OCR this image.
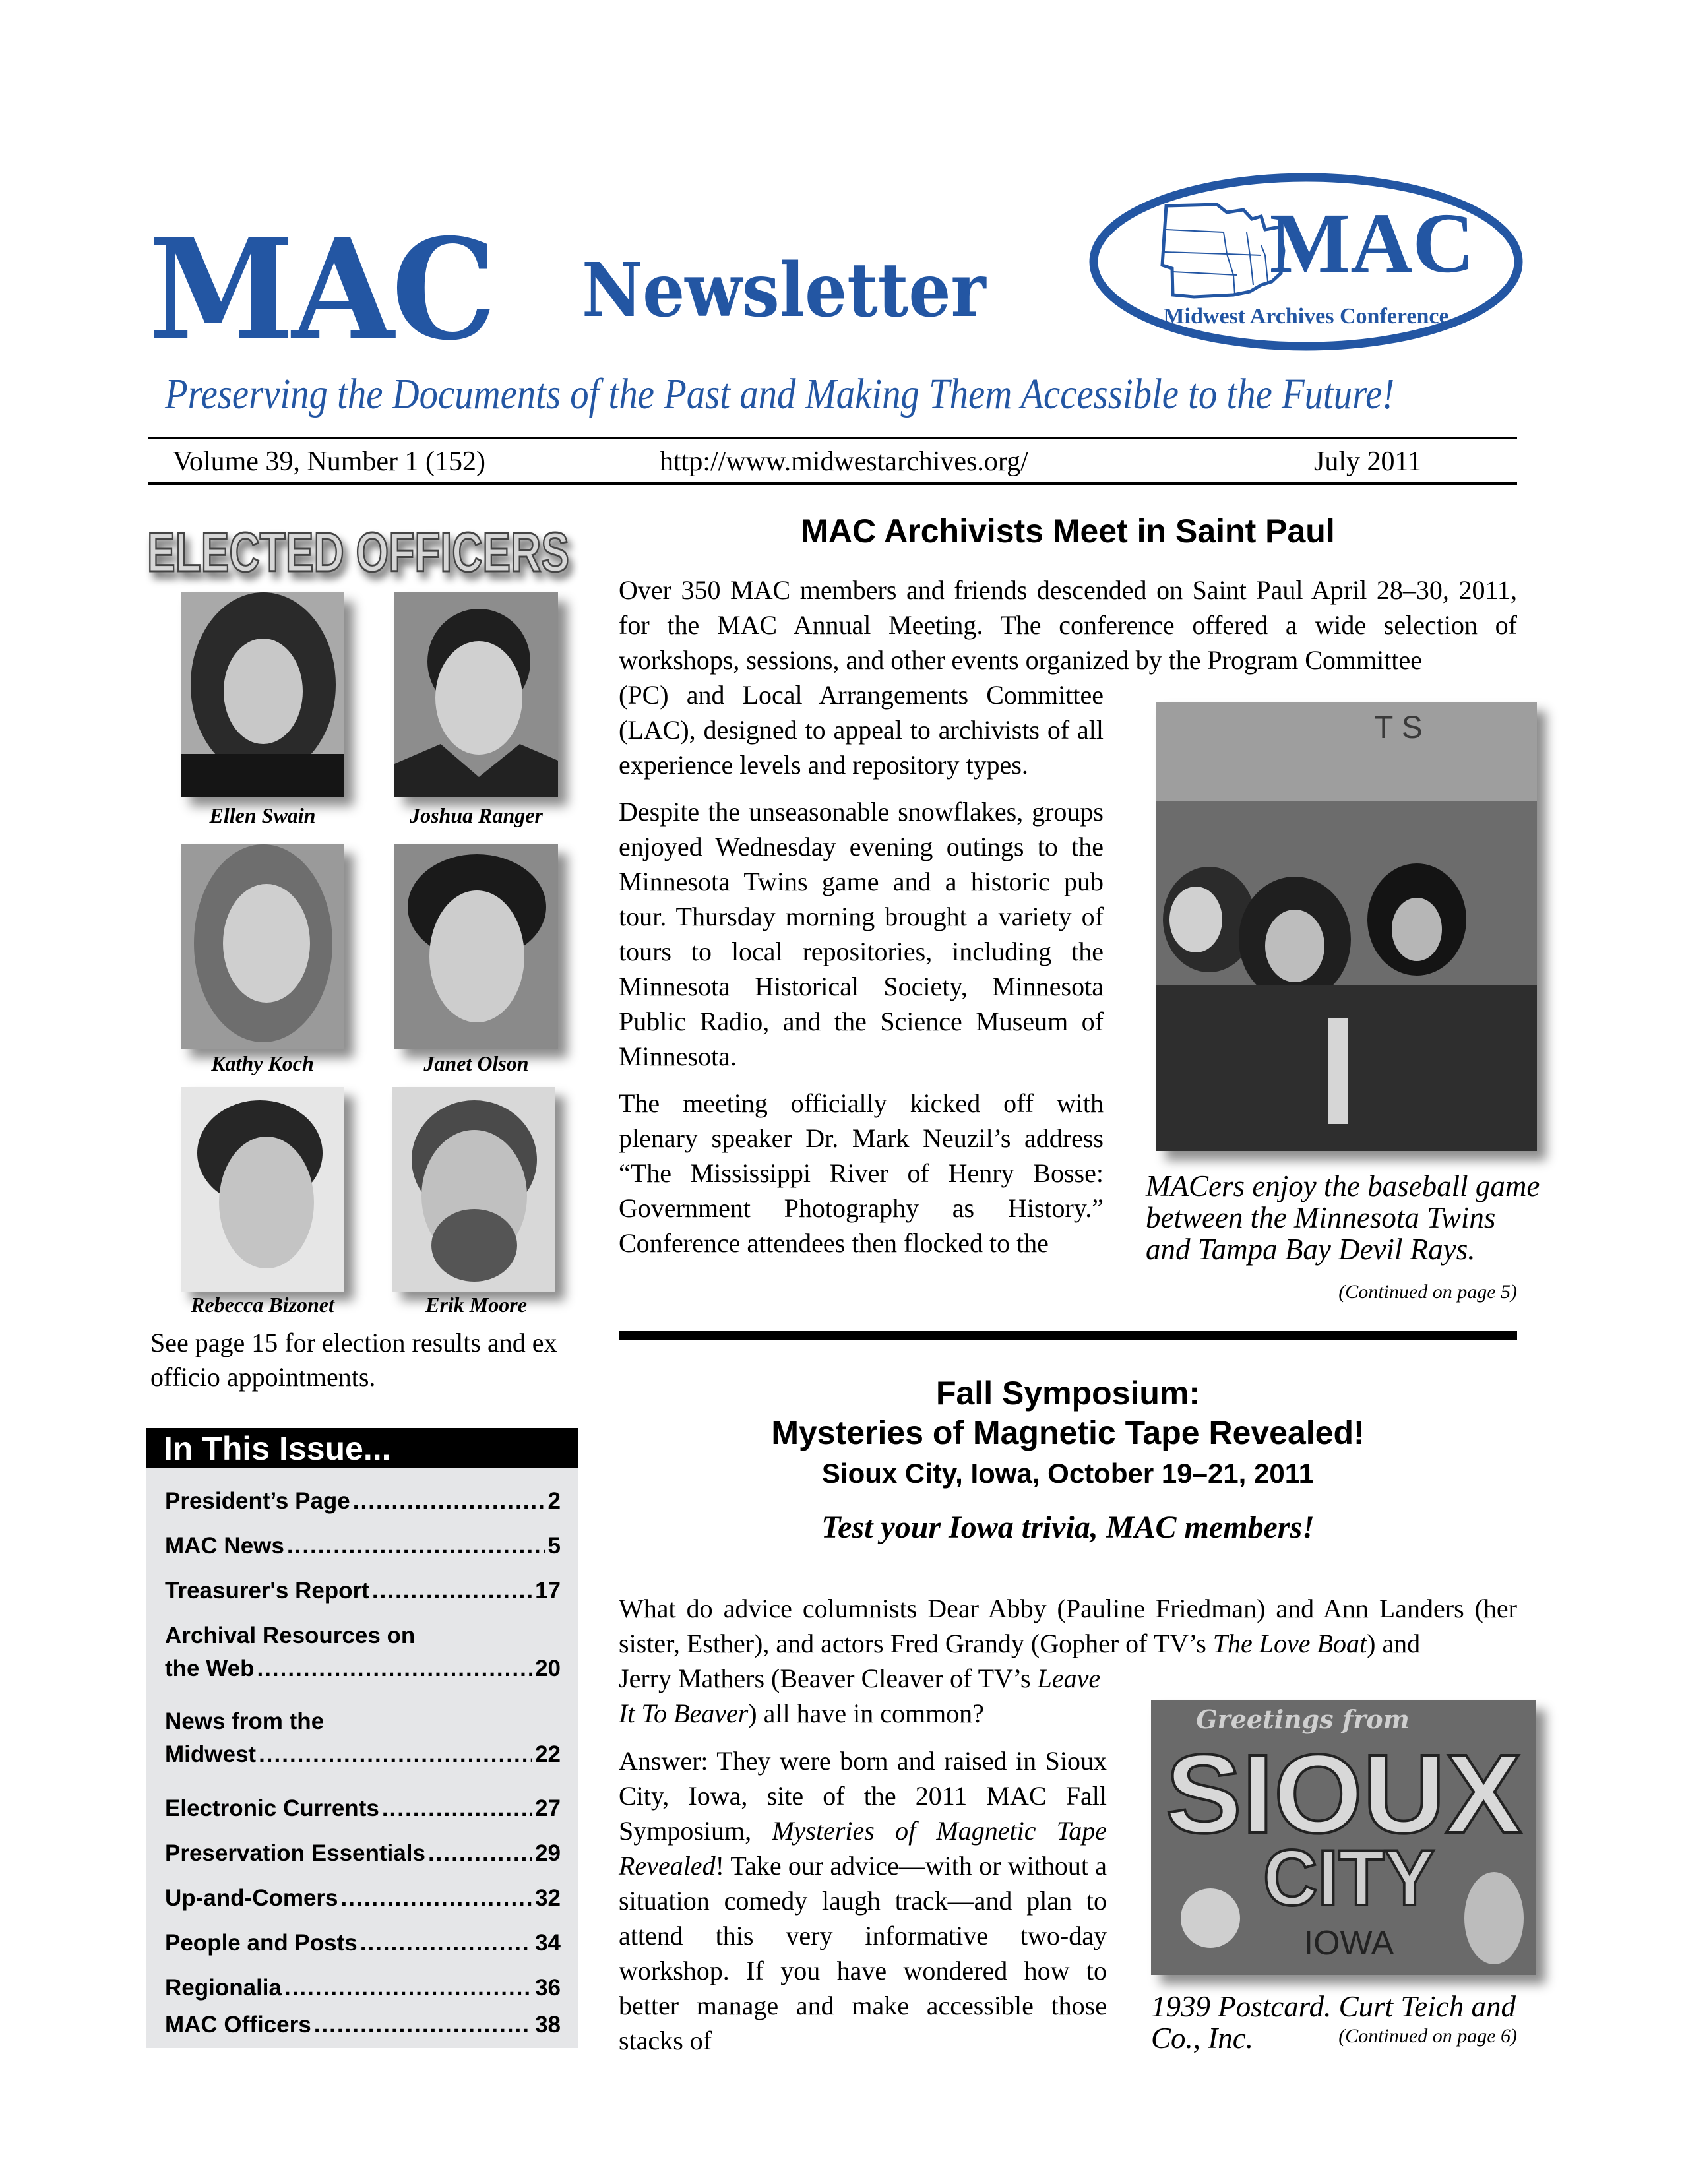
MAC Newsletter	MAC
Midwest Archives Conference
Preserving the Documents of the Past and Making Them Accessible to the Future!
Volume 39, Number 1 (152)	http://www.midwestarchives.org/	July 2011
ELECTED OFFICERS
Ellen Swain	Joshua Ranger
Kathy Koch	Janet Olson
Rebecca Bizonet	Erik Moore
See page 15 for election results and ex officio appointments.
In This Issue...
President’s Page .....	2
MAC News .....	5
Treasurer's Report .....	17
Archival Resources on
the Web .....	20
News from the
Midwest .....	22
Electronic Currents .....	27
Preservation Essentials .....	29
Up-and-Comers .....	32
People and Posts .....	34
Regionalia .....	36
MAC Officers .....	38
MAC Archivists Meet in Saint Paul
Over 350 MAC members and friends descended on Saint Paul April 28–30, 2011, for the MAC Annual Meeting. The conference offered a wide selection of workshops, sessions, and other events organized by the Program Committee

(PC) and Local Arrangements Committee (LAC), designed to appeal to archivists of all experience levels and repository types.

Despite the unseasonable snowflakes, groups enjoyed Wednesday evening outings to the Minnesota Twins game and a historic pub tour. Thursday morning brought a variety of tours to local repositories, including the Minnesota Historical Society, Minnesota Public Radio, and the Science Museum of Minnesota.

The meeting officially kicked off with plenary speaker Dr. Mark Neuzil’s address “The Mississippi River of Henry Bosse: Government Photography as History.” Conference attendees then flocked to the

T S
MACers enjoy the baseball game between the Minnesota Twins and Tampa Bay Devil Rays.
(Continued on page 5)
Fall Symposium:
Mysteries of Magnetic Tape Revealed!
Sioux City, Iowa, October 19–21, 2011
Test your Iowa trivia, MAC members!
What do advice columnists Dear Abby (Pauline Friedman) and Ann Landers (her sister, Esther), and actors Fred Grandy (Gopher of TV’s The Love Boat) and
Jerry Mathers (Beaver Cleaver of TV’s Leave
It To Beaver) all have in common?
Answer: They were born and raised in Sioux City, Iowa, site of the 2011 MAC Fall Symposium, Mysteries of Magnetic Tape Revealed! Take our advice—with or without a situation comedy laugh track—and plan to attend this very informative two-day workshop. If you have wondered how to better manage and make accessible those stacks of
Greetings from
SIOUX
CITY
IOWA
1939 Postcard. Curt Teich and Co., Inc.	(Continued on page 6)
